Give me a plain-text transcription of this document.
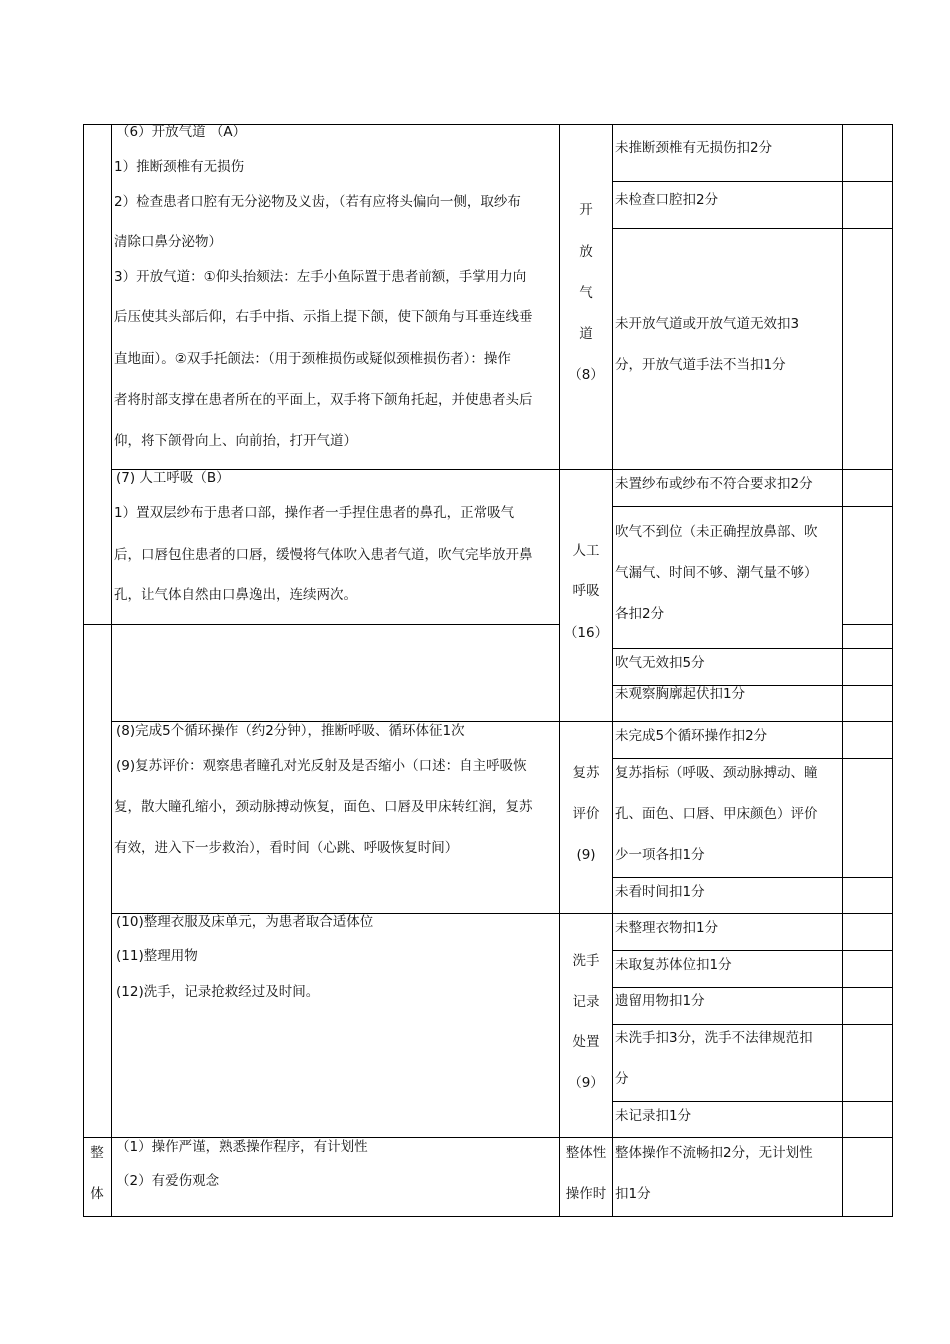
（6）开放气道 （A）
1）推断颈椎有无损伤
2）检查患者口腔有无分泌物及义齿，（若有应将头偏向一侧，取纱布
清除口鼻分泌物）
3）开放气道：①仰头抬颏法：左手小鱼际置于患者前额，手掌用力向
后压使其头部后仰，右手中指、示指上提下颌，使下颌角与耳垂连线垂
直地面）。②双手托颌法：（用于颈椎损伤或疑似颈椎损伤者）：操作
者将肘部支撑在患者所在的平面上，双手将下颌角托起，并使患者头后
仰，将下颌骨向上、向前抬，打开气道）
开
放
气
道
（8）
未推断颈椎有无损伤扣2分
未检查口腔扣2分
未开放气道或开放气道无效扣3
分，开放气道手法不当扣1分
(7) 人工呼吸（B）
1）置双层纱布于患者口部，操作者一手捏住患者的鼻孔，正常吸气
后，口唇包住患者的口唇，缓慢将气体吹入患者气道，吹气完毕放开鼻
孔，让气体自然由口鼻逸出，连续两次。
人工
呼吸
（16）
未置纱布或纱布不符合要求扣2分
吹气不到位（未正确捏放鼻部、吹
气漏气、时间不够、潮气量不够）
各扣2分
吹气无效扣5分
未观察胸廓起伏扣1分
(8)完成5个循环操作（约2分钟），推断呼吸、循环体征1次
(9)复苏评价：观察患者瞳孔对光反射及是否缩小（口述：自主呼吸恢
复，散大瞳孔缩小，颈动脉搏动恢复，面色、口唇及甲床转红润，复苏
有效，进入下一步救治），看时间（心跳、呼吸恢复时间）
复苏
评价
(9)
未完成5个循环操作扣2分
复苏指标（呼吸、颈动脉搏动、瞳
孔、面色、口唇、甲床颜色）评价
少一项各扣1分
未看时间扣1分
(10)整理衣服及床单元，为患者取合适体位
(11)整理用物
(12)洗手，记录抢救经过及时间。
洗手
记录
处置
（9）
未整理衣物扣1分
未取复苏体位扣1分
遗留用物扣1分
未洗手扣3分，洗手不法律规范扣
分
未记录扣1分
整
体
（1）操作严谨，熟悉操作程序，有计划性
（2）有爱伤观念
整体性
操作时
整体操作不流畅扣2分，无计划性
扣1分
